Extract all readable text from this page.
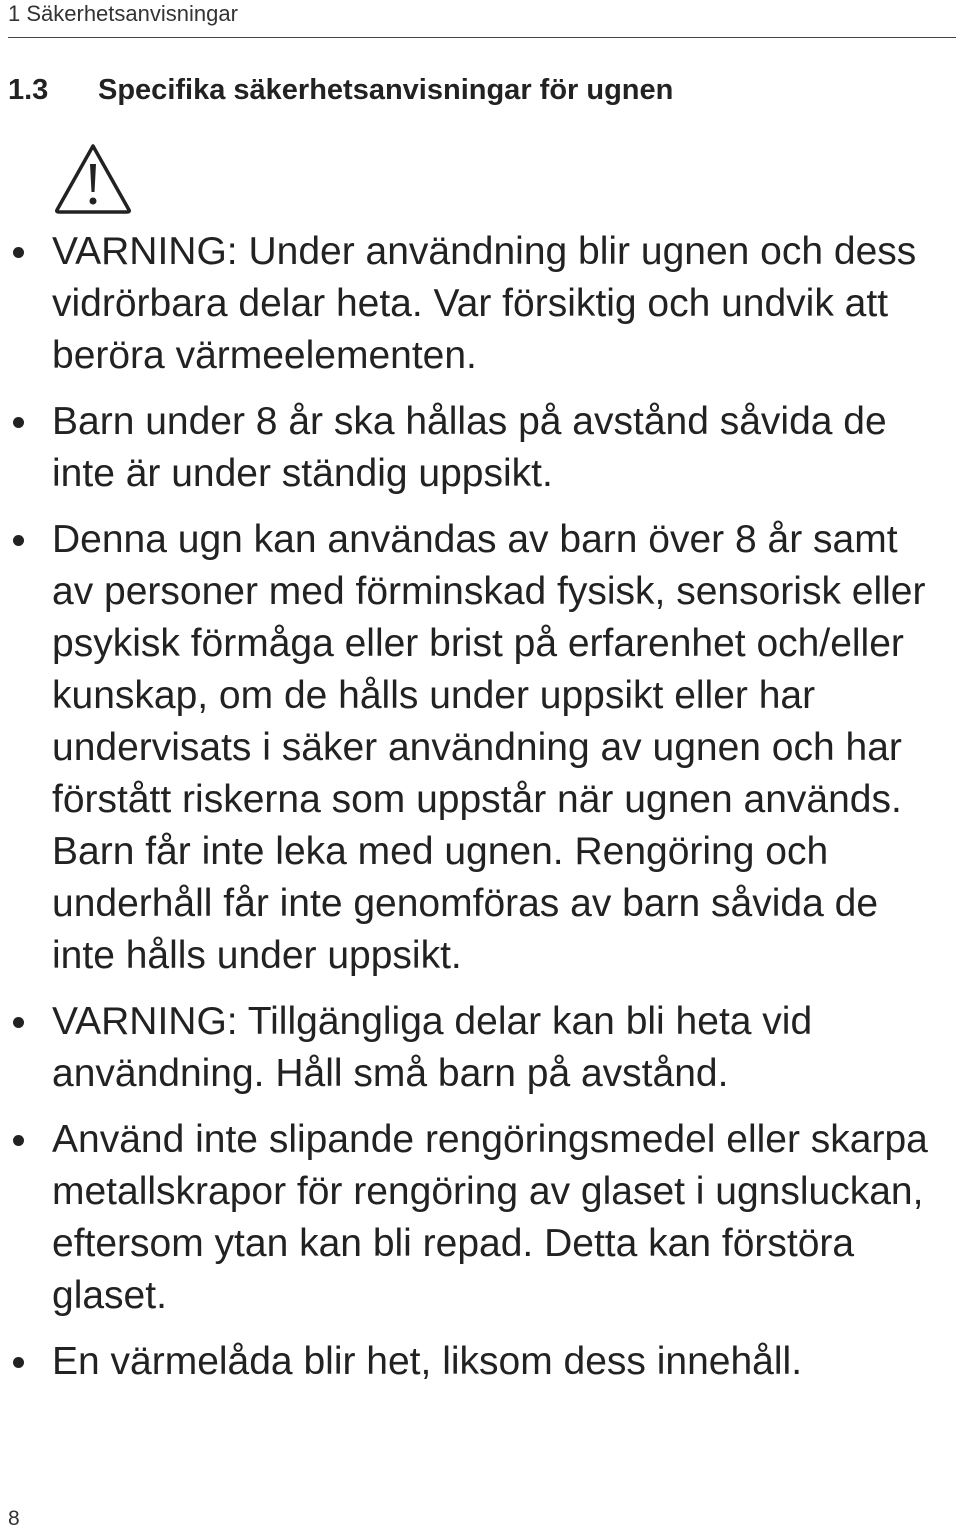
1 Säkerhetsanvisningar
1.3 Specifika säkerhetsanvisningar för ugnen
VARNING: Under användning blir ugnen och dess vidrörbara delar heta. Var försiktig och undvik att beröra värmeelementen.
Barn under 8 år ska hållas på avstånd såvida de inte är under ständig uppsikt.
Denna ugn kan användas av barn över 8 år samt av personer med förminskad fysisk, sensorisk eller psykisk förmåga eller brist på erfarenhet och/eller kunskap, om de hålls under uppsikt eller har undervisats i säker användning av ugnen och har förstått riskerna som uppstår när ugnen används. Barn får inte leka med ugnen. Rengöring och underhåll får inte genomföras av barn såvida de inte hålls under uppsikt.
VARNING: Tillgängliga delar kan bli heta vid användning. Håll små barn på avstånd.
Använd inte slipande rengöringsmedel eller skarpa metallskrapor för rengöring av glaset i ugnsluckan, eftersom ytan kan bli repad. Detta kan förstöra glaset.
En värmelåda blir het, liksom dess innehåll.
8
